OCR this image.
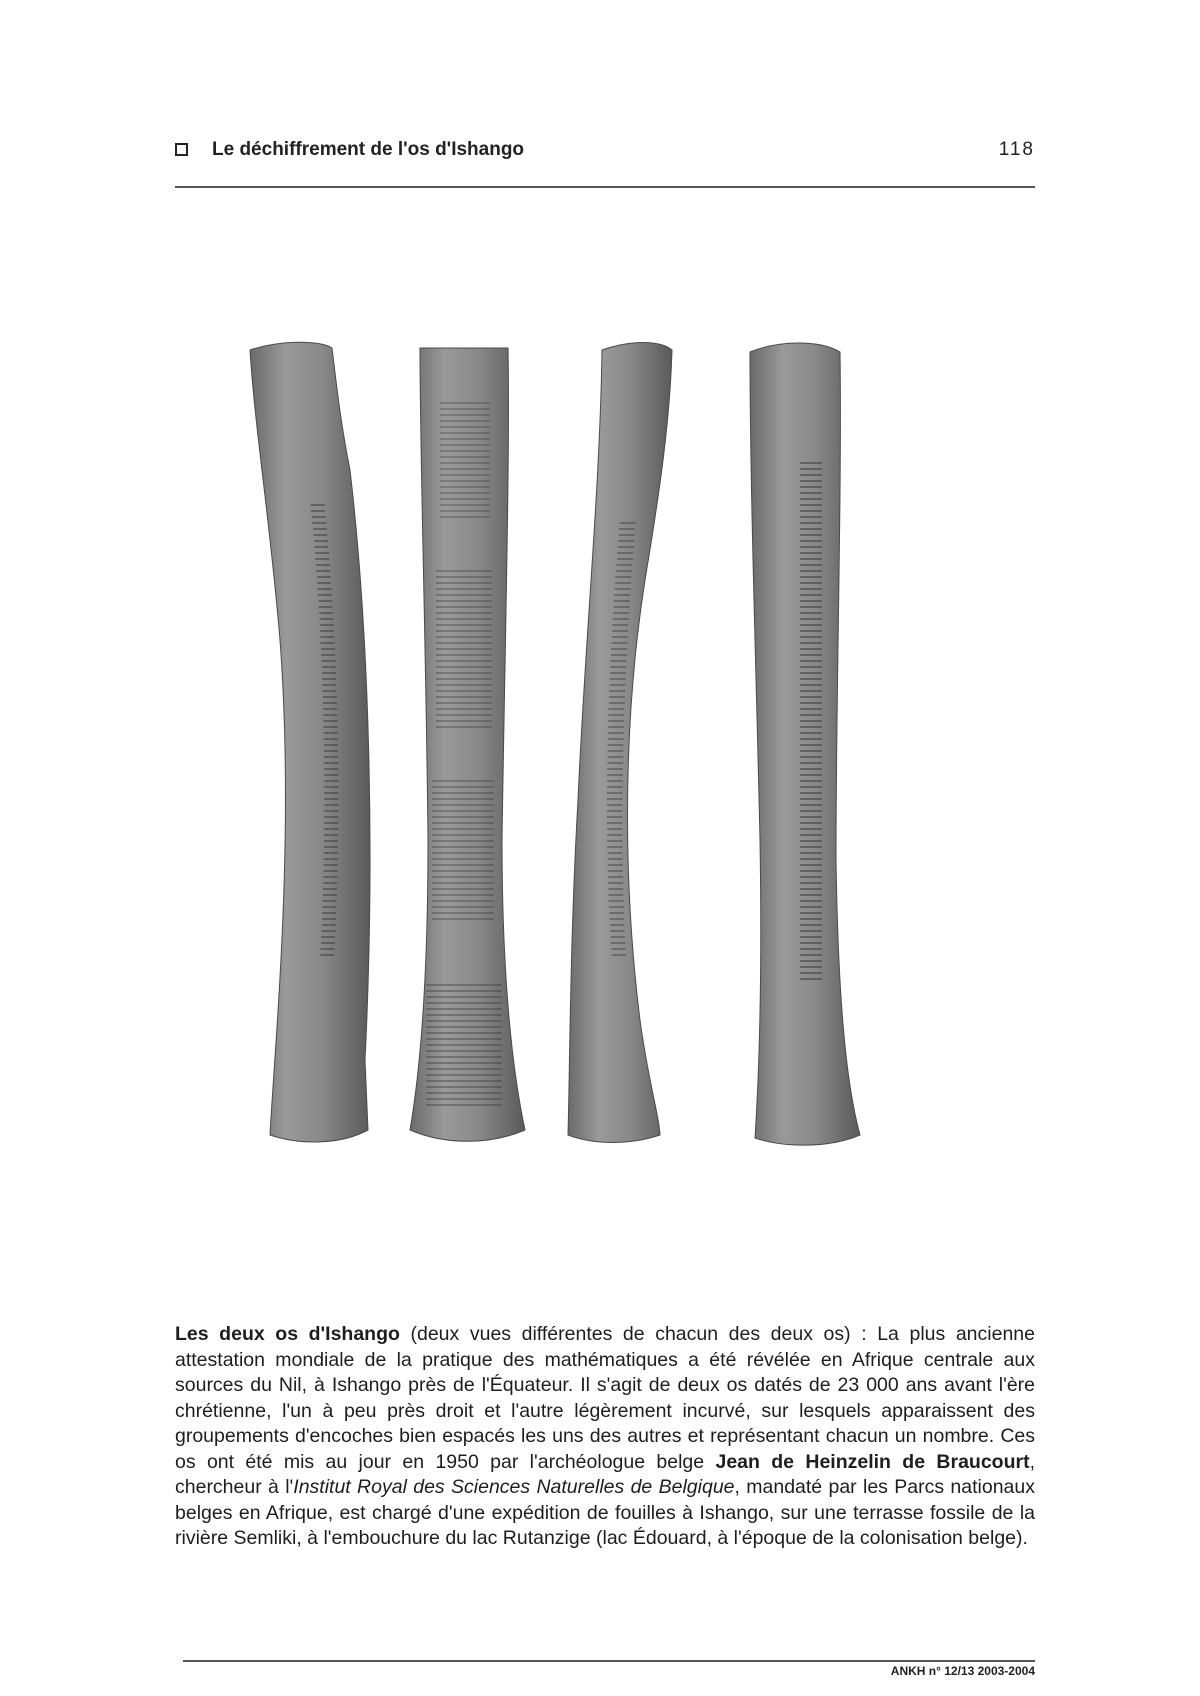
Le déchiffrement de l'os d'Ishango	118
Les deux os d'Ishango (deux vues différentes de chacun des deux os) : La plus ancienne attestation mondiale de la pratique des mathématiques a été révélée en Afrique centrale aux sources du Nil, à Ishango près de l'Équateur. Il s'agit de deux os datés de 23 000 ans avant l'ère chrétienne, l'un à peu près droit et l'autre légèrement incurvé, sur lesquels apparaissent des groupements d'encoches bien espacés les uns des autres et représentant chacun un nombre. Ces os ont été mis au jour en 1950 par l'archéologue belge Jean de Heinzelin de Braucourt, chercheur à l'Institut Royal des Sciences Naturelles de Belgique, mandaté par les Parcs nationaux belges en Afrique, est chargé d'une expédition de fouilles à Ishango, sur une terrasse fossile de la rivière Semliki, à l'embouchure du lac Rutanzige (lac Édouard, à l'époque de la colonisation belge).
ANKH n° 12/13 2003-2004
